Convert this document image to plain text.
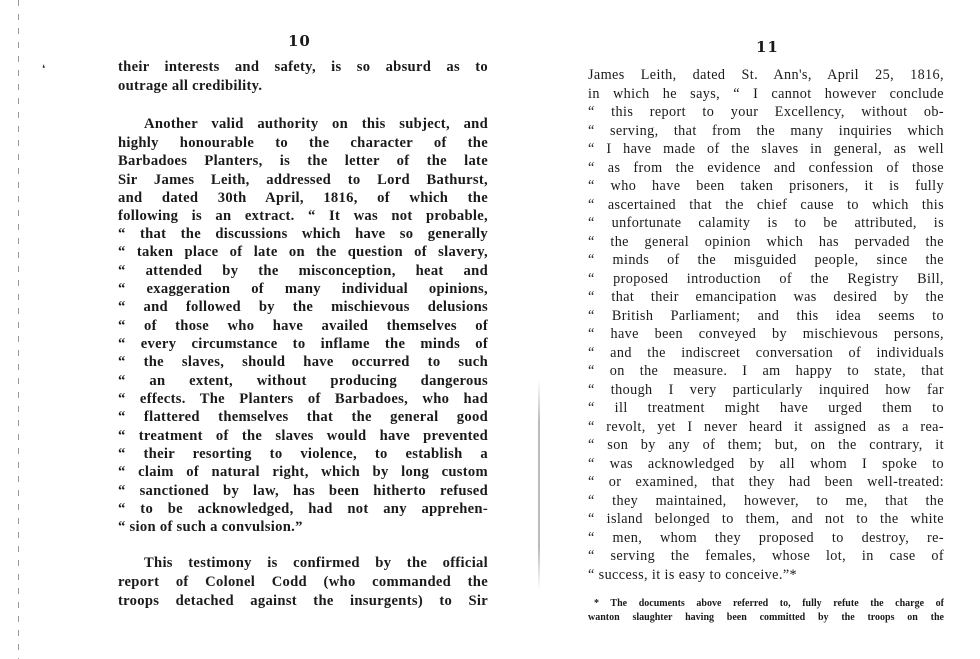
❛
10
their interests and safety, is so absurd as to
outrage all credibility.
Another valid authority on this subject, and
highly honourable to the character of the
Barbadoes Planters, is the letter of the late
Sir James Leith, addressed to Lord Bathurst,
and dated 30th April, 1816, of which the
following is an extract. “ It was not probable,
“ that the discussions which have so generally
“ taken place of late on the question of slavery,
“ attended by the misconception, heat and
“ exaggeration of many individual opinions,
“ and followed by the mischievous delusions
“ of those who have availed themselves of
“ every circumstance to inflame the minds of
“ the slaves, should have occurred to such
“ an extent, without producing dangerous
“ effects. The Planters of Barbadoes, who had
“ flattered themselves that the general good
“ treatment of the slaves would have prevented
“ their resorting to violence, to establish a
“ claim of natural right, which by long custom
“ sanctioned by law, has been hitherto refused
“ to be acknowledged, had not any apprehen-
“ sion of such a convulsion.”
This testimony is confirmed by the official
report of Colonel Codd (who commanded the
troops detached against the insurgents) to Sir
11
James Leith, dated St. Ann's, April 25, 1816,
in which he says, “ I cannot however conclude
“ this report to your Excellency, without ob-
“ serving, that from the many inquiries which
“ I have made of the slaves in general, as well
“ as from the evidence and confession of those
“ who have been taken prisoners, it is fully
“ ascertained that the chief cause to which this
“ unfortunate calamity is to be attributed, is
“ the general opinion which has pervaded the
“ minds of the misguided people, since the
“ proposed introduction of the Registry Bill,
“ that their emancipation was desired by the
“ British Parliament; and this idea seems to
“ have been conveyed by mischievous persons,
“ and the indiscreet conversation of individuals
“ on the measure. I am happy to state, that
“ though I very particularly inquired how far
“ ill treatment might have urged them to
“ revolt, yet I never heard it assigned as a rea-
“ son by any of them; but, on the contrary, it
“ was acknowledged by all whom I spoke to
“ or examined, that they had been well-treated:
“ they maintained, however, to me, that the
“ island belonged to them, and not to the white
“ men, whom they proposed to destroy, re-
“ serving the females, whose lot, in case of
“ success, it is easy to conceive.”*
* The documents above referred to, fully refute the charge of
wanton slaughter having been committed by the troops on the
